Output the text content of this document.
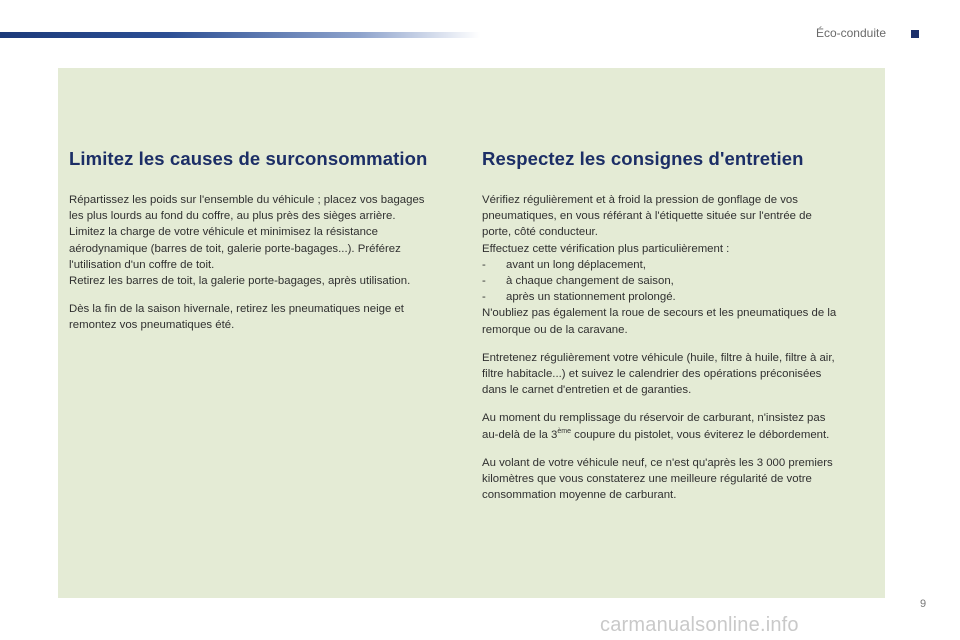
Éco-conduite
Limitez les causes de surconsommation

Répartissez les poids sur l'ensemble du véhicule ; placez vos bagages
les plus lourds au fond du coffre, au plus près des sièges arrière.
Limitez la charge de votre véhicule et minimisez la résistance
aérodynamique (barres de toit, galerie porte-bagages...). Préférez
l'utilisation d'un coffre de toit.
Retirez les barres de toit, la galerie porte-bagages, après utilisation.

Dès la fin de la saison hivernale, retirez les pneumatiques neige et
remontez vos pneumatiques été.

Respectez les consignes d'entretien

Vérifiez régulièrement et à froid la pression de gonflage de vos
pneumatiques, en vous référant à l'étiquette située sur l'entrée de
porte, côté conducteur.
Effectuez cette vérification plus particulièrement :
- avant un long déplacement,
- à chaque changement de saison,
- après un stationnement prolongé.
N'oubliez pas également la roue de secours et les pneumatiques de la
remorque ou de la caravane.

Entretenez régulièrement votre véhicule (huile, filtre à huile, filtre à air,
filtre habitacle...) et suivez le calendrier des opérations préconisées
dans le carnet d'entretien et de garanties.

Au moment du remplissage du réservoir de carburant, n'insistez pas
au-delà de la 3ème coupure du pistolet, vous éviterez le débordement.

Au volant de votre véhicule neuf, ce n'est qu'après les 3 000 premiers
kilomètres que vous constaterez une meilleure régularité de votre
consommation moyenne de carburant.

9
carmanualsonline.info
